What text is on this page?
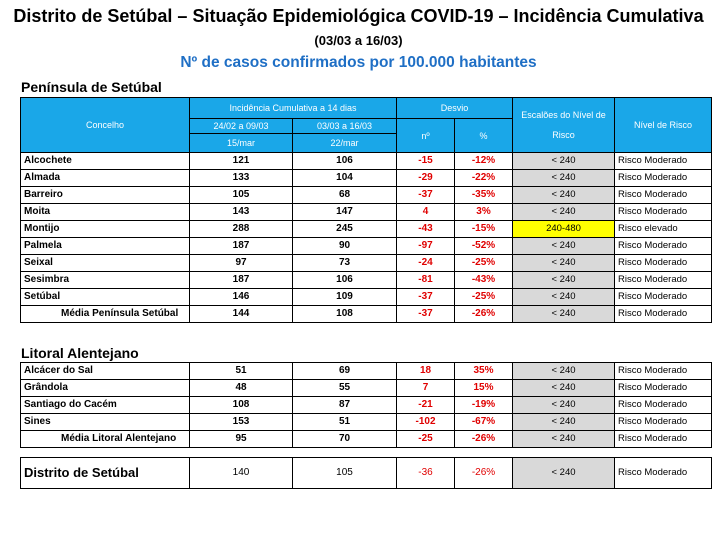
Distrito de Setúbal – Situação Epidemiológica COVID-19 – Incidência Cumulativa
(03/03 a 16/03)
Nº de casos confirmados por 100.000 habitantes
Península de Setúbal
Concelho	Incidência Cumulativa a 14 dias		Desvio		Escalões do Nível de Risco	Nível de Risco
	24/02 a 09/03	03/03 a 16/03	nº	%		
	15/mar	22/mar				
Alcochete	121	106	-15	-12%	< 240	Risco Moderado
Almada	133	104	-29	-22%	< 240	Risco Moderado
Barreiro	105	68	-37	-35%	< 240	Risco Moderado
Moita	143	147	4	3%	< 240	Risco Moderado
Montijo	288	245	-43	-15%	240-480	Risco elevado
Palmela	187	90	-97	-52%	< 240	Risco Moderado
Seixal	97	73	-24	-25%	< 240	Risco Moderado
Sesimbra	187	106	-81	-43%	< 240	Risco Moderado
Setúbal	146	109	-37	-25%	< 240	Risco Moderado
Média Península Setúbal	144	108	-37	-26%	< 240	Risco Moderado
Litoral Alentejano
Alcácer do Sal	51	69	18	35%	< 240	Risco Moderado
Grândola	48	55	7	15%	< 240	Risco Moderado
Santiago do Cacém	108	87	-21	-19%	< 240	Risco Moderado
Sines	153	51	-102	-67%	< 240	Risco Moderado
Média Litoral Alentejano	95	70	-25	-26%	< 240	Risco Moderado
Distrito de Setúbal	140	105	-36	-26%	< 240	Risco Moderado
